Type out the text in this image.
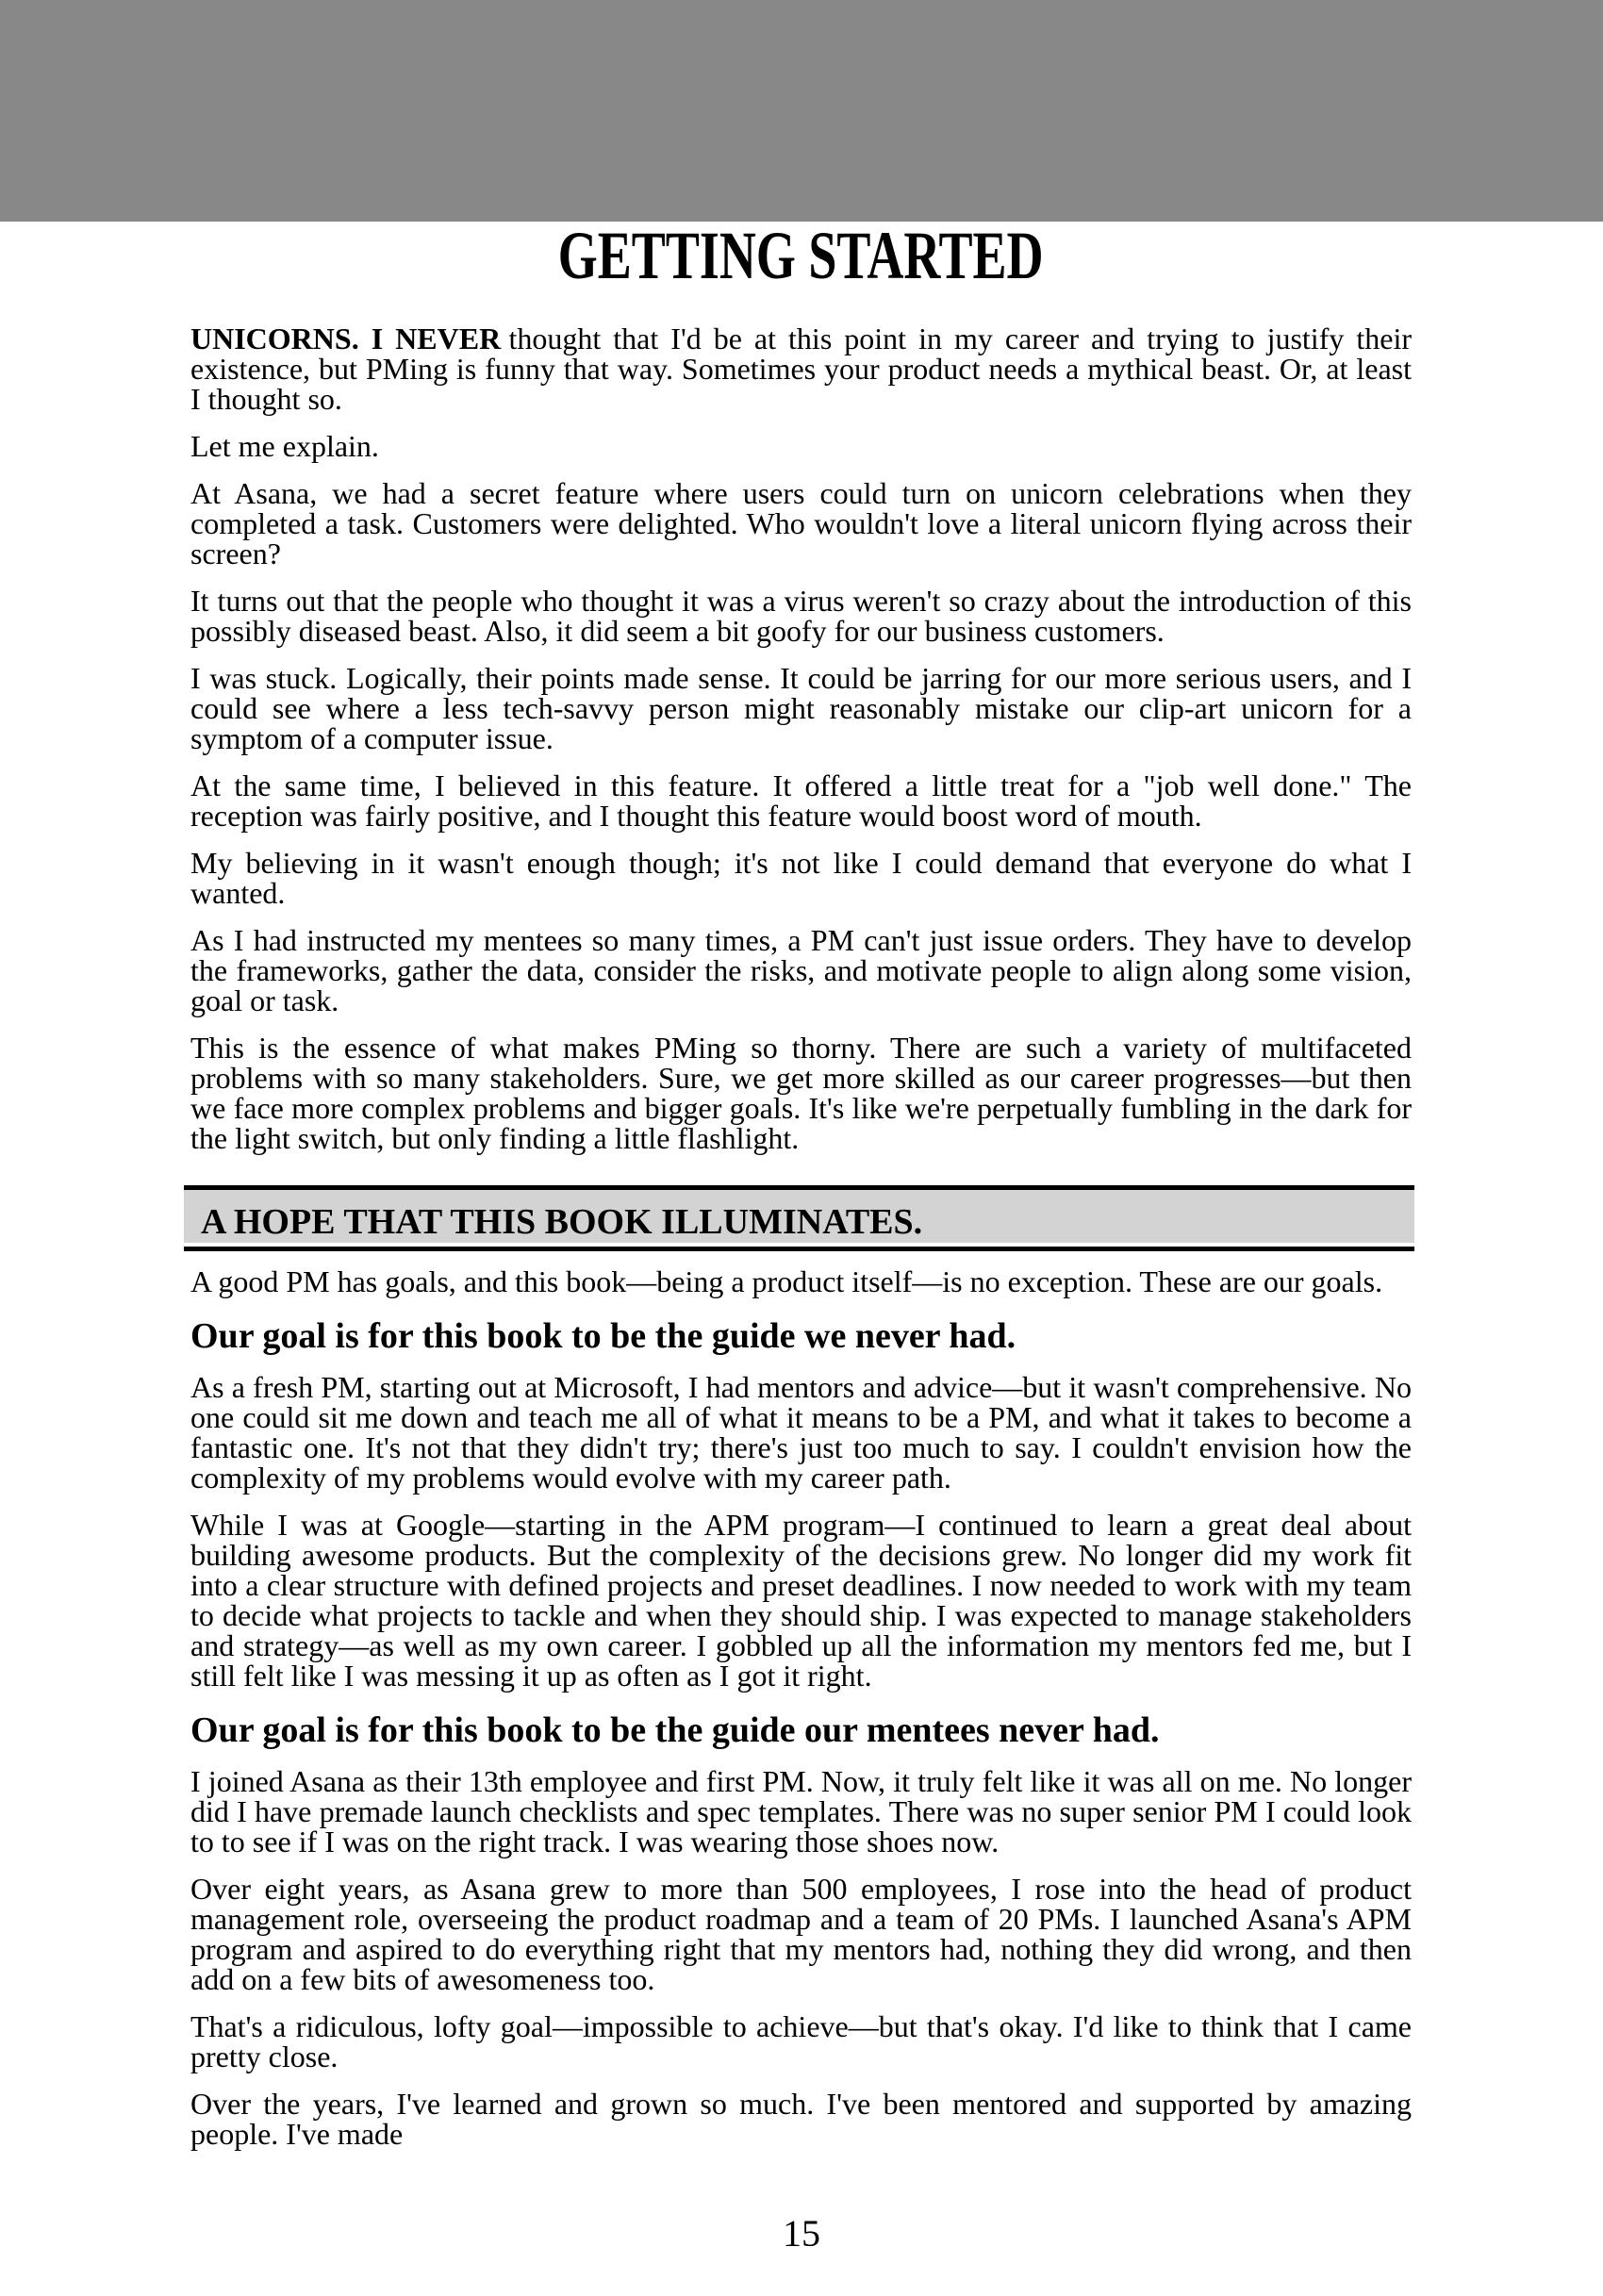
GETTING STARTED

UNICORNS. I NEVER thought that I'd be at this point in my career and trying to justify their existence, but PMing is funny that way. Sometimes your product needs a mythical beast. Or, at least I thought so.

Let me explain.

At Asana, we had a secret feature where users could turn on unicorn celebrations when they completed a task. Customers were delighted. Who wouldn't love a literal unicorn flying across their screen?

It turns out that the people who thought it was a virus weren't so crazy about the introduction of this possibly diseased beast. Also, it did seem a bit goofy for our business customers.

I was stuck. Logically, their points made sense. It could be jarring for our more serious users, and I could see where a less tech-savvy person might reasonably mistake our clip-art unicorn for a symptom of a computer issue.

At the same time, I believed in this feature. It offered a little treat for a "job well done." The reception was fairly positive, and I thought this feature would boost word of mouth.

My believing in it wasn't enough though; it's not like I could demand that everyone do what I wanted.

As I had instructed my mentees so many times, a PM can't just issue orders. They have to develop the frameworks, gather the data, consider the risks, and motivate people to align along some vision, goal or task.

This is the essence of what makes PMing so thorny. There are such a variety of multifaceted problems with so many stakeholders. Sure, we get more skilled as our career progresses—but then we face more complex problems and bigger goals. It's like we're perpetually fumbling in the dark for the light switch, but only finding a little flashlight.

A HOPE THAT THIS BOOK ILLUMINATES.

A good PM has goals, and this book—being a product itself—is no exception. These are our goals.

Our goal is for this book to be the guide we never had.

As a fresh PM, starting out at Microsoft, I had mentors and advice—but it wasn't comprehensive. No one could sit me down and teach me all of what it means to be a PM, and what it takes to become a fantastic one. It's not that they didn't try; there's just too much to say. I couldn't envision how the complexity of my problems would evolve with my career path.

While I was at Google—starting in the APM program—I continued to learn a great deal about building awesome products. But the complexity of the decisions grew. No longer did my work fit into a clear structure with defined projects and preset deadlines. I now needed to work with my team to decide what projects to tackle and when they should ship. I was expected to manage stakeholders and strategy—as well as my own career. I gobbled up all the information my mentors fed me, but I still felt like I was messing it up as often as I got it right.

Our goal is for this book to be the guide our mentees never had.

I joined Asana as their 13th employee and first PM. Now, it truly felt like it was all on me. No longer did I have premade launch checklists and spec templates. There was no super senior PM I could look to to see if I was on the right track. I was wearing those shoes now.

Over eight years, as Asana grew to more than 500 employees, I rose into the head of product management role, overseeing the product roadmap and a team of 20 PMs. I launched Asana's APM program and aspired to do everything right that my mentors had, nothing they did wrong, and then add on a few bits of awesomeness too.

That's a ridiculous, lofty goal—impossible to achieve—but that's okay. I'd like to think that I came pretty close.

Over the years, I've learned and grown so much. I've been mentored and supported by amazing people. I've made

15
